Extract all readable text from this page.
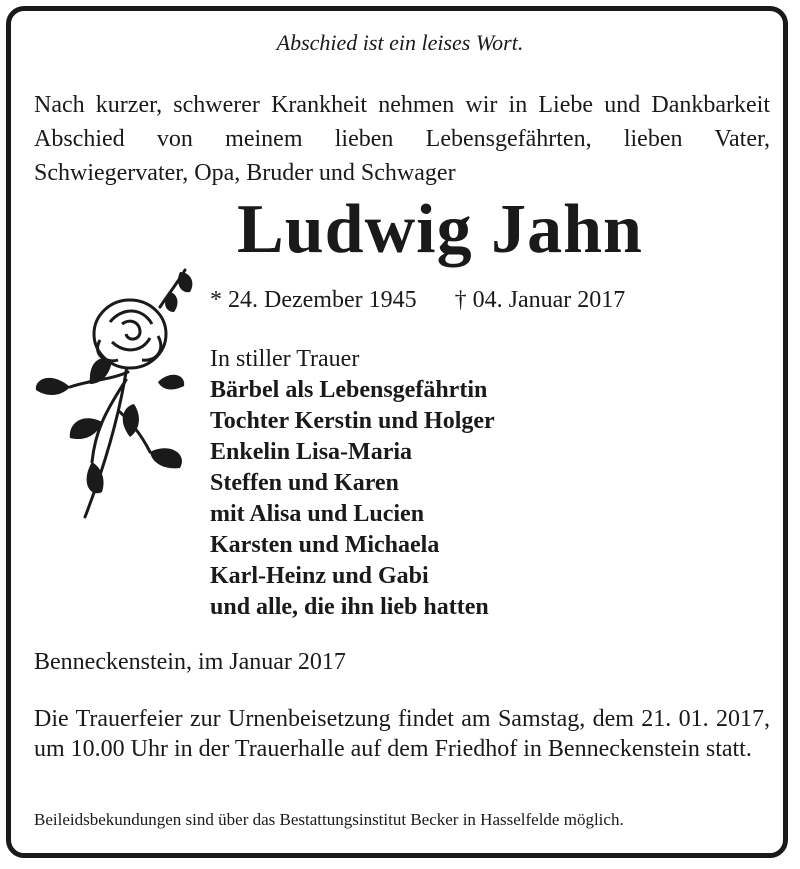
Abschied ist ein leises Wort.
Nach kurzer, schwerer Krankheit nehmen wir in Liebe und Dankbarkeit Abschied von meinem lieben Lebensgefährten, lieben Vater, Schwiegervater, Opa, Bruder und Schwager
Ludwig Jahn
* 24. Dezember 1945 † 04. Januar 2017
In stiller Trauer
Bärbel als Lebensgefährtin
Tochter Kerstin und Holger
Enkelin Lisa-Maria
Steffen und Karen
mit Alisa und Lucien
Karsten und Michaela
Karl-Heinz und Gabi
und alle, die ihn lieb hatten
Benneckenstein, im Januar 2017
Die Trauerfeier zur Urnenbeisetzung findet am Samstag, dem 21. 01. 2017, um 10.00 Uhr in der Trauerhalle auf dem Friedhof in Benneckenstein statt.
Beileidsbekundungen sind über das Bestattungsinstitut Becker in Hasselfelde möglich.
